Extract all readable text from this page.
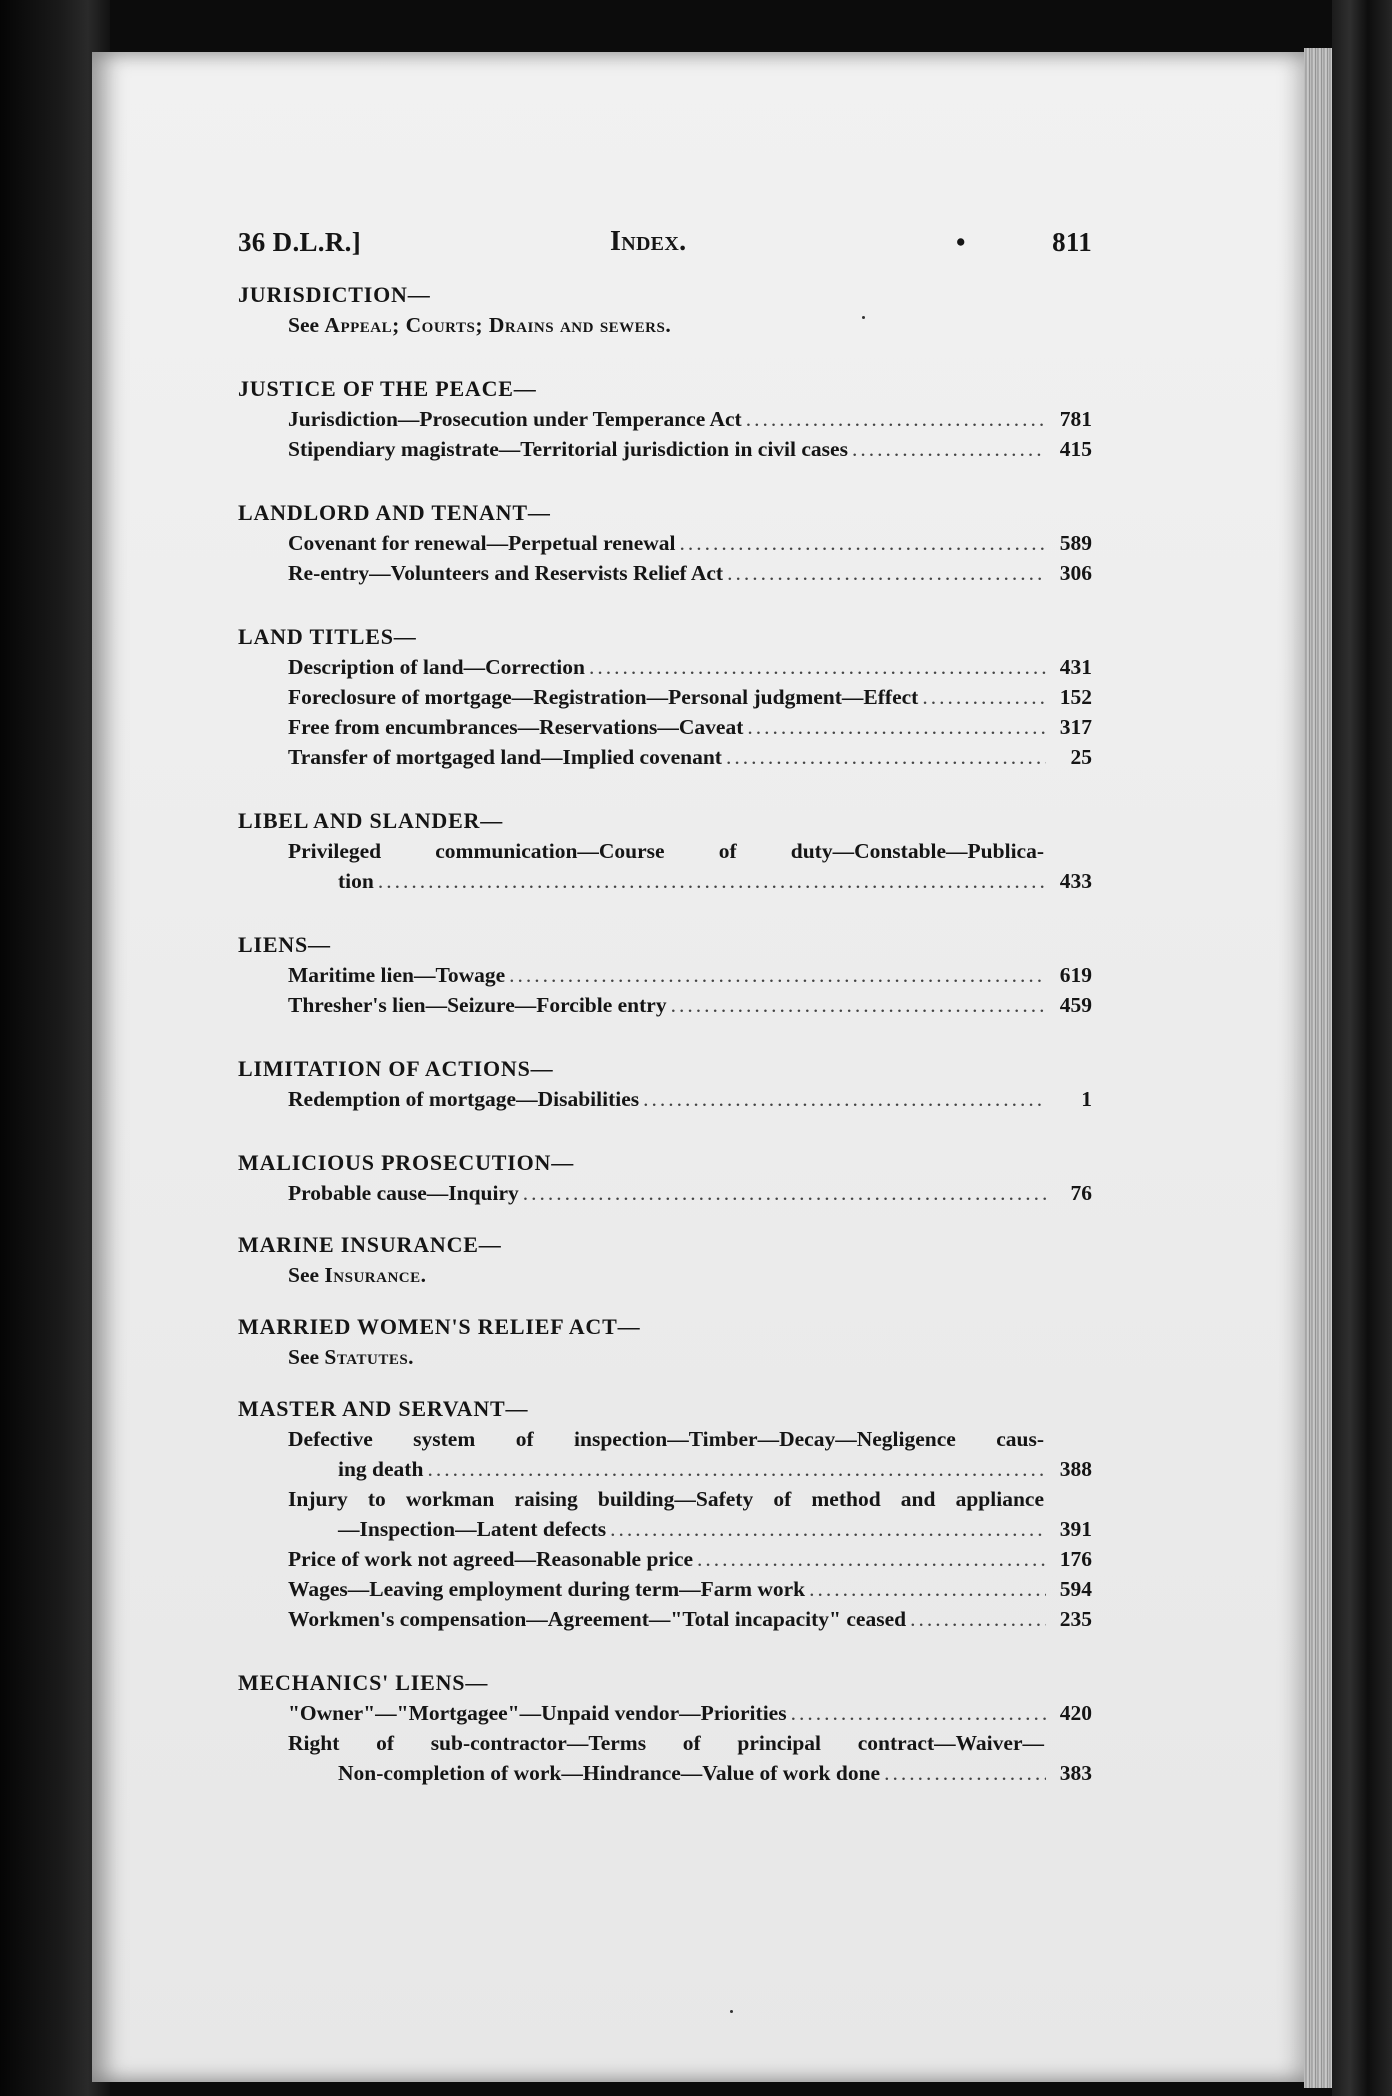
36 D.L.R.]	Index.	•	811
JURISDICTION—
See Appeal; Courts; Drains and sewers.
JUSTICE OF THE PEACE—
Jurisdiction—Prosecution under Temperance Act .....	781
Stipendiary magistrate—Territorial jurisdiction in civil cases .....	415
LANDLORD AND TENANT—
Covenant for renewal—Perpetual renewal .....	589
Re-entry—Volunteers and Reservists Relief Act .....	306
LAND TITLES—
Description of land—Correction .....	431
Foreclosure of mortgage—Registration—Personal judgment—Effect .....	152
Free from encumbrances—Reservations—Caveat .....	317
Transfer of mortgaged land—Implied covenant .....	25
LIBEL AND SLANDER—
Privileged communication—Course of duty—Constable—Publica-
tion .....	433
LIENS—
Maritime lien—Towage .....	619
Thresher's lien—Seizure—Forcible entry .....	459
LIMITATION OF ACTIONS—
Redemption of mortgage—Disabilities .....	1
MALICIOUS PROSECUTION—
Probable cause—Inquiry .....	76
MARINE INSURANCE—
See Insurance.
MARRIED WOMEN'S RELIEF ACT—
See Statutes.
MASTER AND SERVANT—
Defective system of inspection—Timber—Decay—Negligence caus-
ing death .....	388
Injury to workman raising building—Safety of method and appliance
—Inspection—Latent defects .....	391
Price of work not agreed—Reasonable price .....	176
Wages—Leaving employment during term—Farm work .....	594
Workmen's compensation—Agreement—"Total incapacity" ceased .....	235
MECHANICS' LIENS—
"Owner"—"Mortgagee"—Unpaid vendor—Priorities .....	420
Right of sub-contractor—Terms of principal contract—Waiver—
Non-completion of work—Hindrance—Value of work done .....	383
